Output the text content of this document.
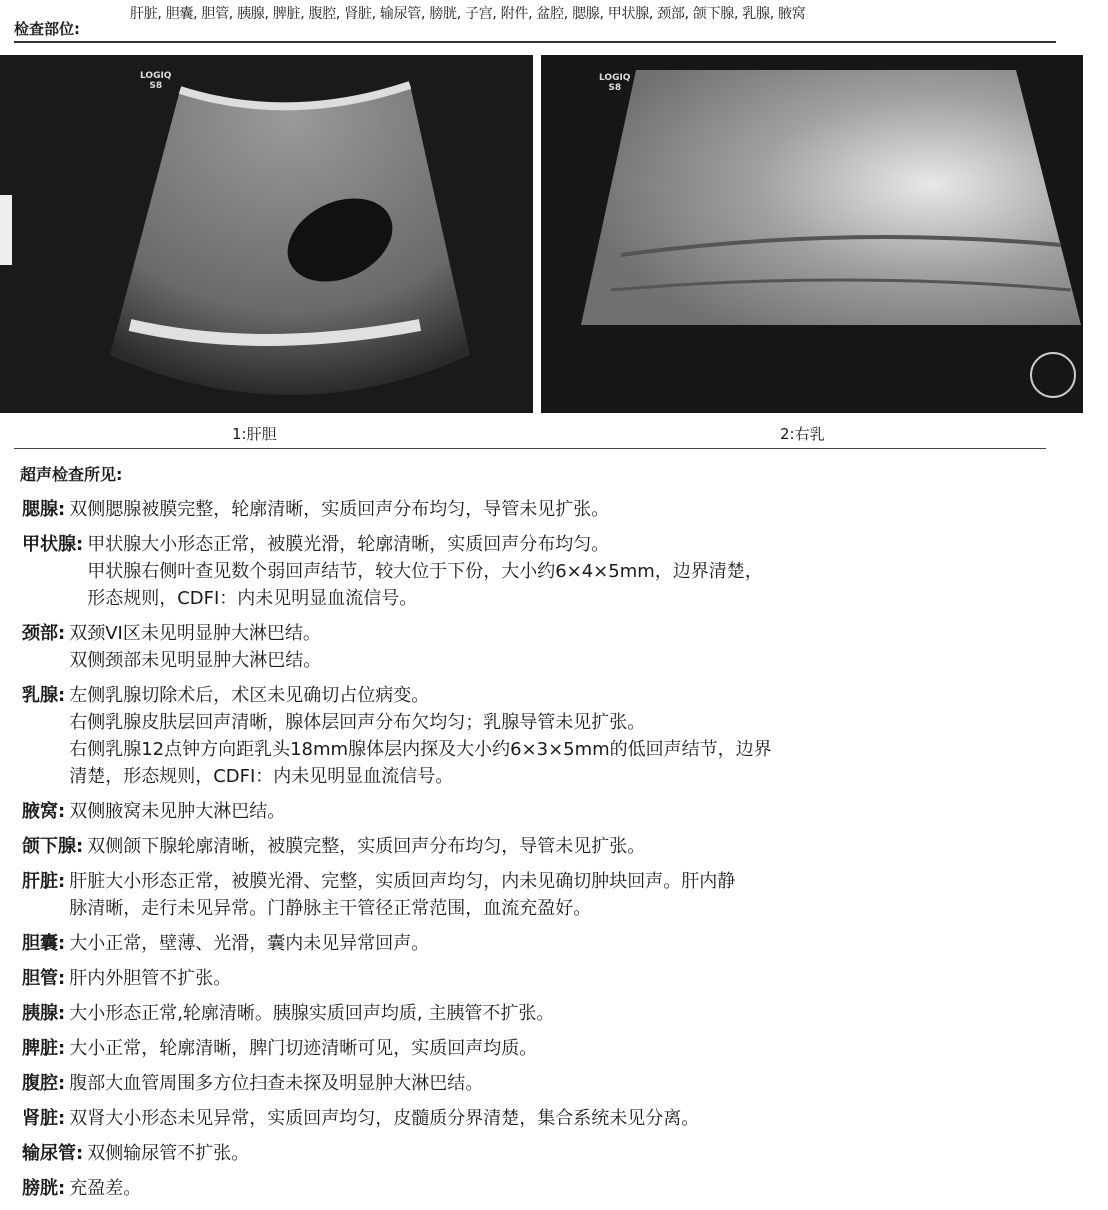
检查部位:
肝脏, 胆囊, 胆管, 胰腺, 脾脏, 腹腔, 肾脏, 输尿管, 膀胱, 子宫, 附件, 盆腔, 腮腺, 甲状腺, 颈部, 颌下腺, 乳腺, 腋窝
LOGIQ
S8
LOGIQ
S8
1:肝胆	2:右乳
超声检查所见:
腮腺: 双侧腮腺被膜完整，轮廓清晰，实质回声分布均匀，导管未见扩张。
甲状腺: 甲状腺大小形态正常，被膜光滑，轮廓清晰，实质回声分布均匀。
甲状腺右侧叶查见数个弱回声结节，较大位于下份，大小约6×4×5mm，边界清楚，
形态规则，CDFI：内未见明显血流信号。
颈部: 双颈VI区未见明显肿大淋巴结。
双侧颈部未见明显肿大淋巴结。
乳腺: 左侧乳腺切除术后，术区未见确切占位病变。
右侧乳腺皮肤层回声清晰，腺体层回声分布欠均匀；乳腺导管未见扩张。
右侧乳腺12点钟方向距乳头18mm腺体层内探及大小约6×3×5mm的低回声结节，边界
清楚，形态规则，CDFI：内未见明显血流信号。
腋窝: 双侧腋窝未见肿大淋巴结。
颌下腺: 双侧颌下腺轮廓清晰，被膜完整，实质回声分布均匀，导管未见扩张。
肝脏: 肝脏大小形态正常，被膜光滑、完整，实质回声均匀，内未见确切肿块回声。肝内静
脉清晰，走行未见异常。门静脉主干管径正常范围，血流充盈好。
胆囊: 大小正常，壁薄、光滑，囊内未见异常回声。
胆管: 肝内外胆管不扩张。
胰腺: 大小形态正常,轮廓清晰。胰腺实质回声均质, 主胰管不扩张。
脾脏: 大小正常，轮廓清晰，脾门切迹清晰可见，实质回声均质。
腹腔: 腹部大血管周围多方位扫查未探及明显肿大淋巴结。
肾脏: 双肾大小形态未见异常，实质回声均匀，皮髓质分界清楚，集合系统未见分离。
输尿管: 双侧输尿管不扩张。
膀胱: 充盈差。
